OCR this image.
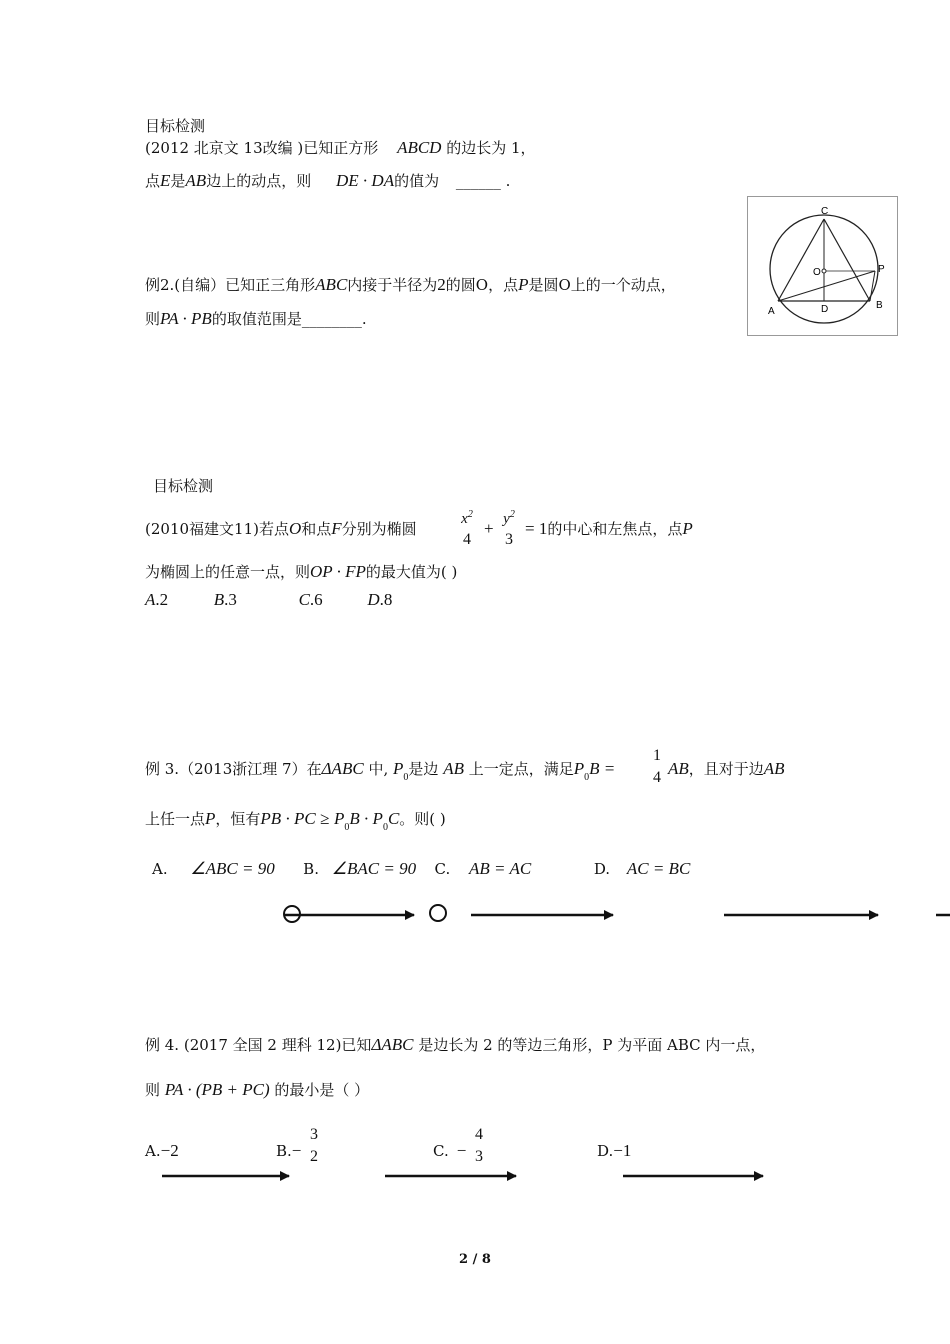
目标检测
(2012 北京文 13改编 )已知正方形 ABCD 的边长为 1，
点E是AB边上的动点，则 DE · DA的值为 ______ .
例2.(自编）已知正三角形ABC内接于半径为2的圆O，点P是圆O上的一个动点，
则PA · PB的取值范围是________.
C
O	P
A	D	B
目标检测
(2010福建文11)若点O和点F分别为椭圆
$x^2$
4
+ $y^2$
3
= 1的中心和左焦点，点P
为椭圆上的任意一点，则OP · FP的最大值为( )
A.2	B.3	C.6	D.8
例 3.（2013浙江理 7）在ΔABC 中, $P_0$是边 AB 上一定点，满足$P_0B$ =
1
4 AB，且对于边AB
上任一点P，恒有PB · PC ≥ $P_0B \cdot P_0C$。则( )
A. ∠ABC = 90 B. ∠BAC = 90 C. AB = AC	D. AC = BC
例 4. (2017 全国 2 理科 12)已知ΔABC 是边长为 2 的等边三角形，P 为平面 ABC 内一点，
则 PA · (PB + PC) 的最小是（ ）
A.−2	B.−
3
2	C. −
4
3	D.−1
2 / 8
